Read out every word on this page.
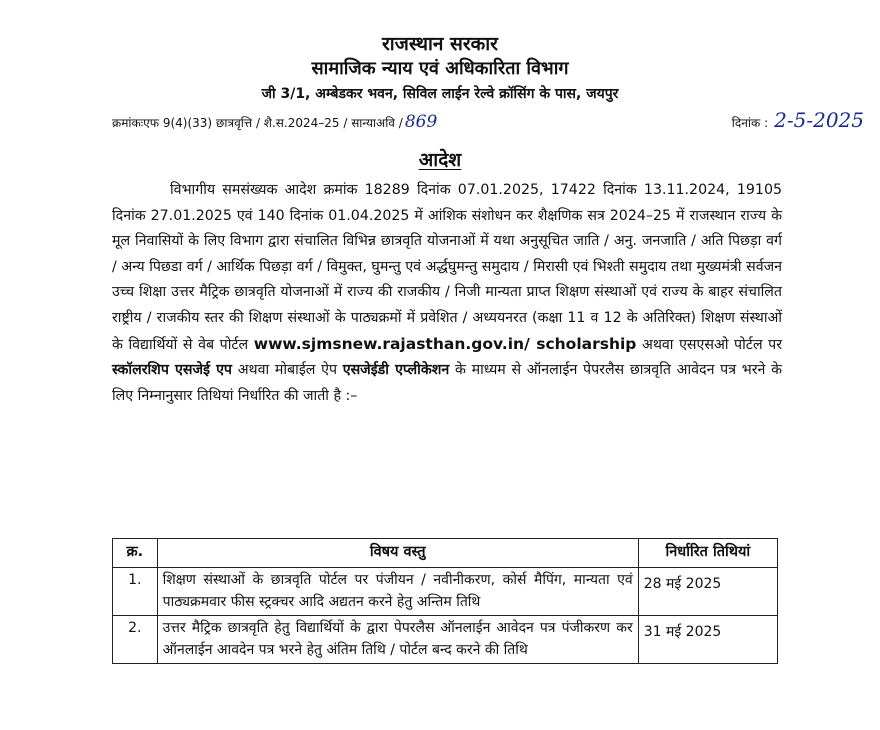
राजस्थान सरकार
सामाजिक न्याय एवं अधिकारिता विभाग
जी 3/1, अम्बेडकर भवन, सिविल लाईन रेल्वे क्रॉसिंग के पास, जयपुर
क्रमांकःएफ 9(4)(33) छात्रवृत्ति / शै.स.2024–25 / सान्याअवि / 869	दिनांक : 2-5-2025
आदेश
विभागीय समसंख्यक आदेश क्रमांक 18289 दिनांक 07.01.2025, 17422 दिनांक 13.11.2024, 19105 दिनांक 27.01.2025 एवं 140 दिनांक 01.04.2025 में आंशिक संशोधन कर शैक्षणिक सत्र 2024–25 में राजस्थान राज्य के मूल निवासियों के लिए विभाग द्वारा संचालित विभिन्न छात्रवृति योजनाओं में यथा अनुसूचित जाति / अनु. जनजाति / अति पिछड़ा वर्ग / अन्य पिछडा वर्ग / आर्थिक पिछड़ा वर्ग / विमुक्त, घुमन्तु एवं अर्द्धघुमन्तु समुदाय / मिरासी एवं भिश्ती समुदाय तथा मुख्यमंत्री सर्वजन उच्च शिक्षा उत्तर मैट्रिक छात्रवृति योजनाओं में राज्य की राजकीय / निजी मान्यता प्राप्त शिक्षण संस्थाओं एवं राज्य के बाहर संचालित राष्ट्रीय / राजकीय स्तर की शिक्षण संस्थाओं के पाठ्यक्रमों में प्रवेशित / अध्ययनरत (कक्षा 11 व 12 के अतिरिक्त) शिक्षण संस्थाओं के विद्यार्थियों से वेब पोर्टल www.sjmsnew.rajasthan.gov.in/ scholarship अथवा एसएसओ पोर्टल पर स्कॉलरशिप एसजेई एप अथवा मोबाईल ऐप एसजेईडी एप्लीकेशन के माध्यम से ऑनलाईन पेपरलैस छात्रवृति आवेदन पत्र भरने के लिए निम्नानुसार तिथियां निर्धारित की जाती है :–
क्र.	विषय वस्तु	निर्धारित तिथियां
1.	शिक्षण संस्थाओं के छात्रवृति पोर्टल पर पंजीयन / नवीनीकरण, कोर्स मैपिंग, मान्यता एवं पाठ्यक्रमवार फीस स्ट्रक्चर आदि अद्यतन करने हेतु अन्तिम तिथि	28 मई 2025
2.	उत्तर मैट्रिक छात्रवृति हेतु विद्यार्थियों के द्वारा पेपरलैस ऑनलाईन आवेदन पत्र पंजीकरण कर ऑनलाईन आवदेन पत्र भरने हेतु अंतिम तिथि / पोर्टल बन्द करने की तिथि	31 मई 2025
